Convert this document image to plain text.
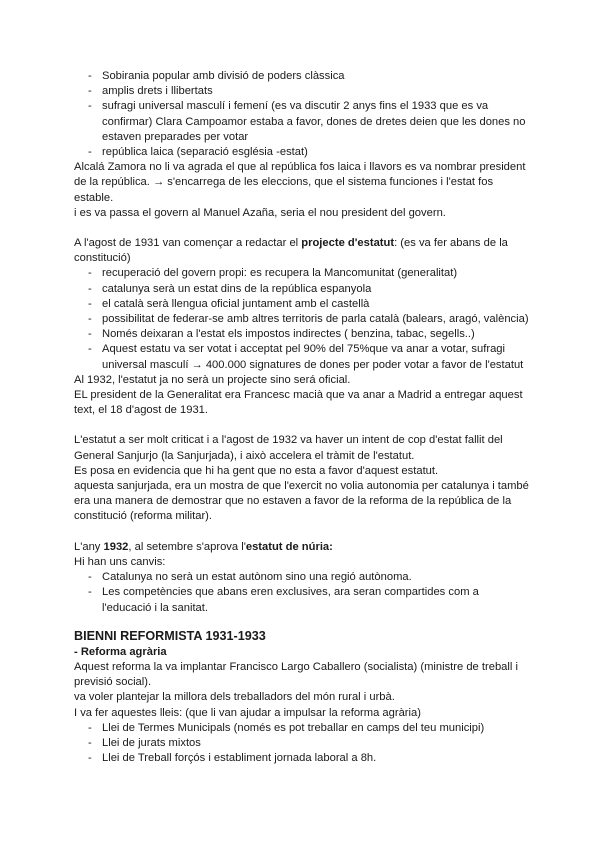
- Sobirania popular amb divisió de poders clàssica
- amplis drets i llibertats
- sufragi universal masculí i femení (es va discutir 2 anys fins el 1933 que es va confirmar) Clara Campoamor estaba a favor, dones de dretes deien que les dones no estaven preparades per votar
- república laica (separació església -estat)

Alcalá Zamora no li va agrada el que al república fos laica i llavors es va nombrar president de la república. → s'encarrega de les eleccions, que el sistema funciones i l'estat fos estable.

i es va passa el govern al Manuel Azaña, seria el nou president del govern.

A l'agost de 1931 van començar a redactar el projecte d'estatut: (es va fer abans de la constitució)

- recuperació del govern propi: es recupera la Mancomunitat (generalitat)
- catalunya serà un estat dins de la república espanyola
- el català serà llengua oficial juntament amb el castellà
- possibilitat de federar-se amb altres territoris de parla català (balears, aragó, valència)
- Només deixaran a l'estat els impostos indirectes ( benzina, tabac, segells..)
- Aquest estatu va ser votat i acceptat pel 90% del 75%que va anar a votar, sufragi universal masculí → 400.000 signatures de dones per poder votar a favor de l'estatut

Al 1932, l'estatut ja no serà un projecte sino será oficial.

EL president de la Generalitat era Francesc macià que va anar a Madrid a entregar aquest text, el 18 d'agost de 1931.

L'estatut a ser molt criticat i a l'agost de 1932 va haver un intent de cop d'estat fallit del General Sanjurjo (la Sanjurjada), i això accelera el tràmit de l'estatut.

Es posa en evidencia que hi ha gent que no esta a favor d'aquest estatut.

aquesta sanjurjada, era un mostra de que l'exercit no volia autonomia per catalunya i també era una manera de demostrar que no estaven a favor de la reforma de la república de la constitució (reforma militar).

L'any 1932, al setembre s'aprova l'estatut de núria:

Hi han uns canvis:

- Catalunya no serà un estat autònom sino una regió autònoma.
- Les competències que abans eren exclusives, ara seran compartides com a l'educació i la sanitat.

BIENNI REFORMISTA 1931-1933

- Reforma agrària

Aquest reforma la va implantar Francisco Largo Caballero (socialista) (ministre de treball i previsió social).

va voler plantejar la millora dels treballadors del món rural i urbà.

I va fer aquestes lleis: (que li van ajudar a impulsar la reforma agrària)

- Llei de Termes Municipals (només es pot treballar en camps del teu municipi)
- Llei de jurats mixtos
- Llei de Treball forçós i establiment jornada laboral a 8h.
